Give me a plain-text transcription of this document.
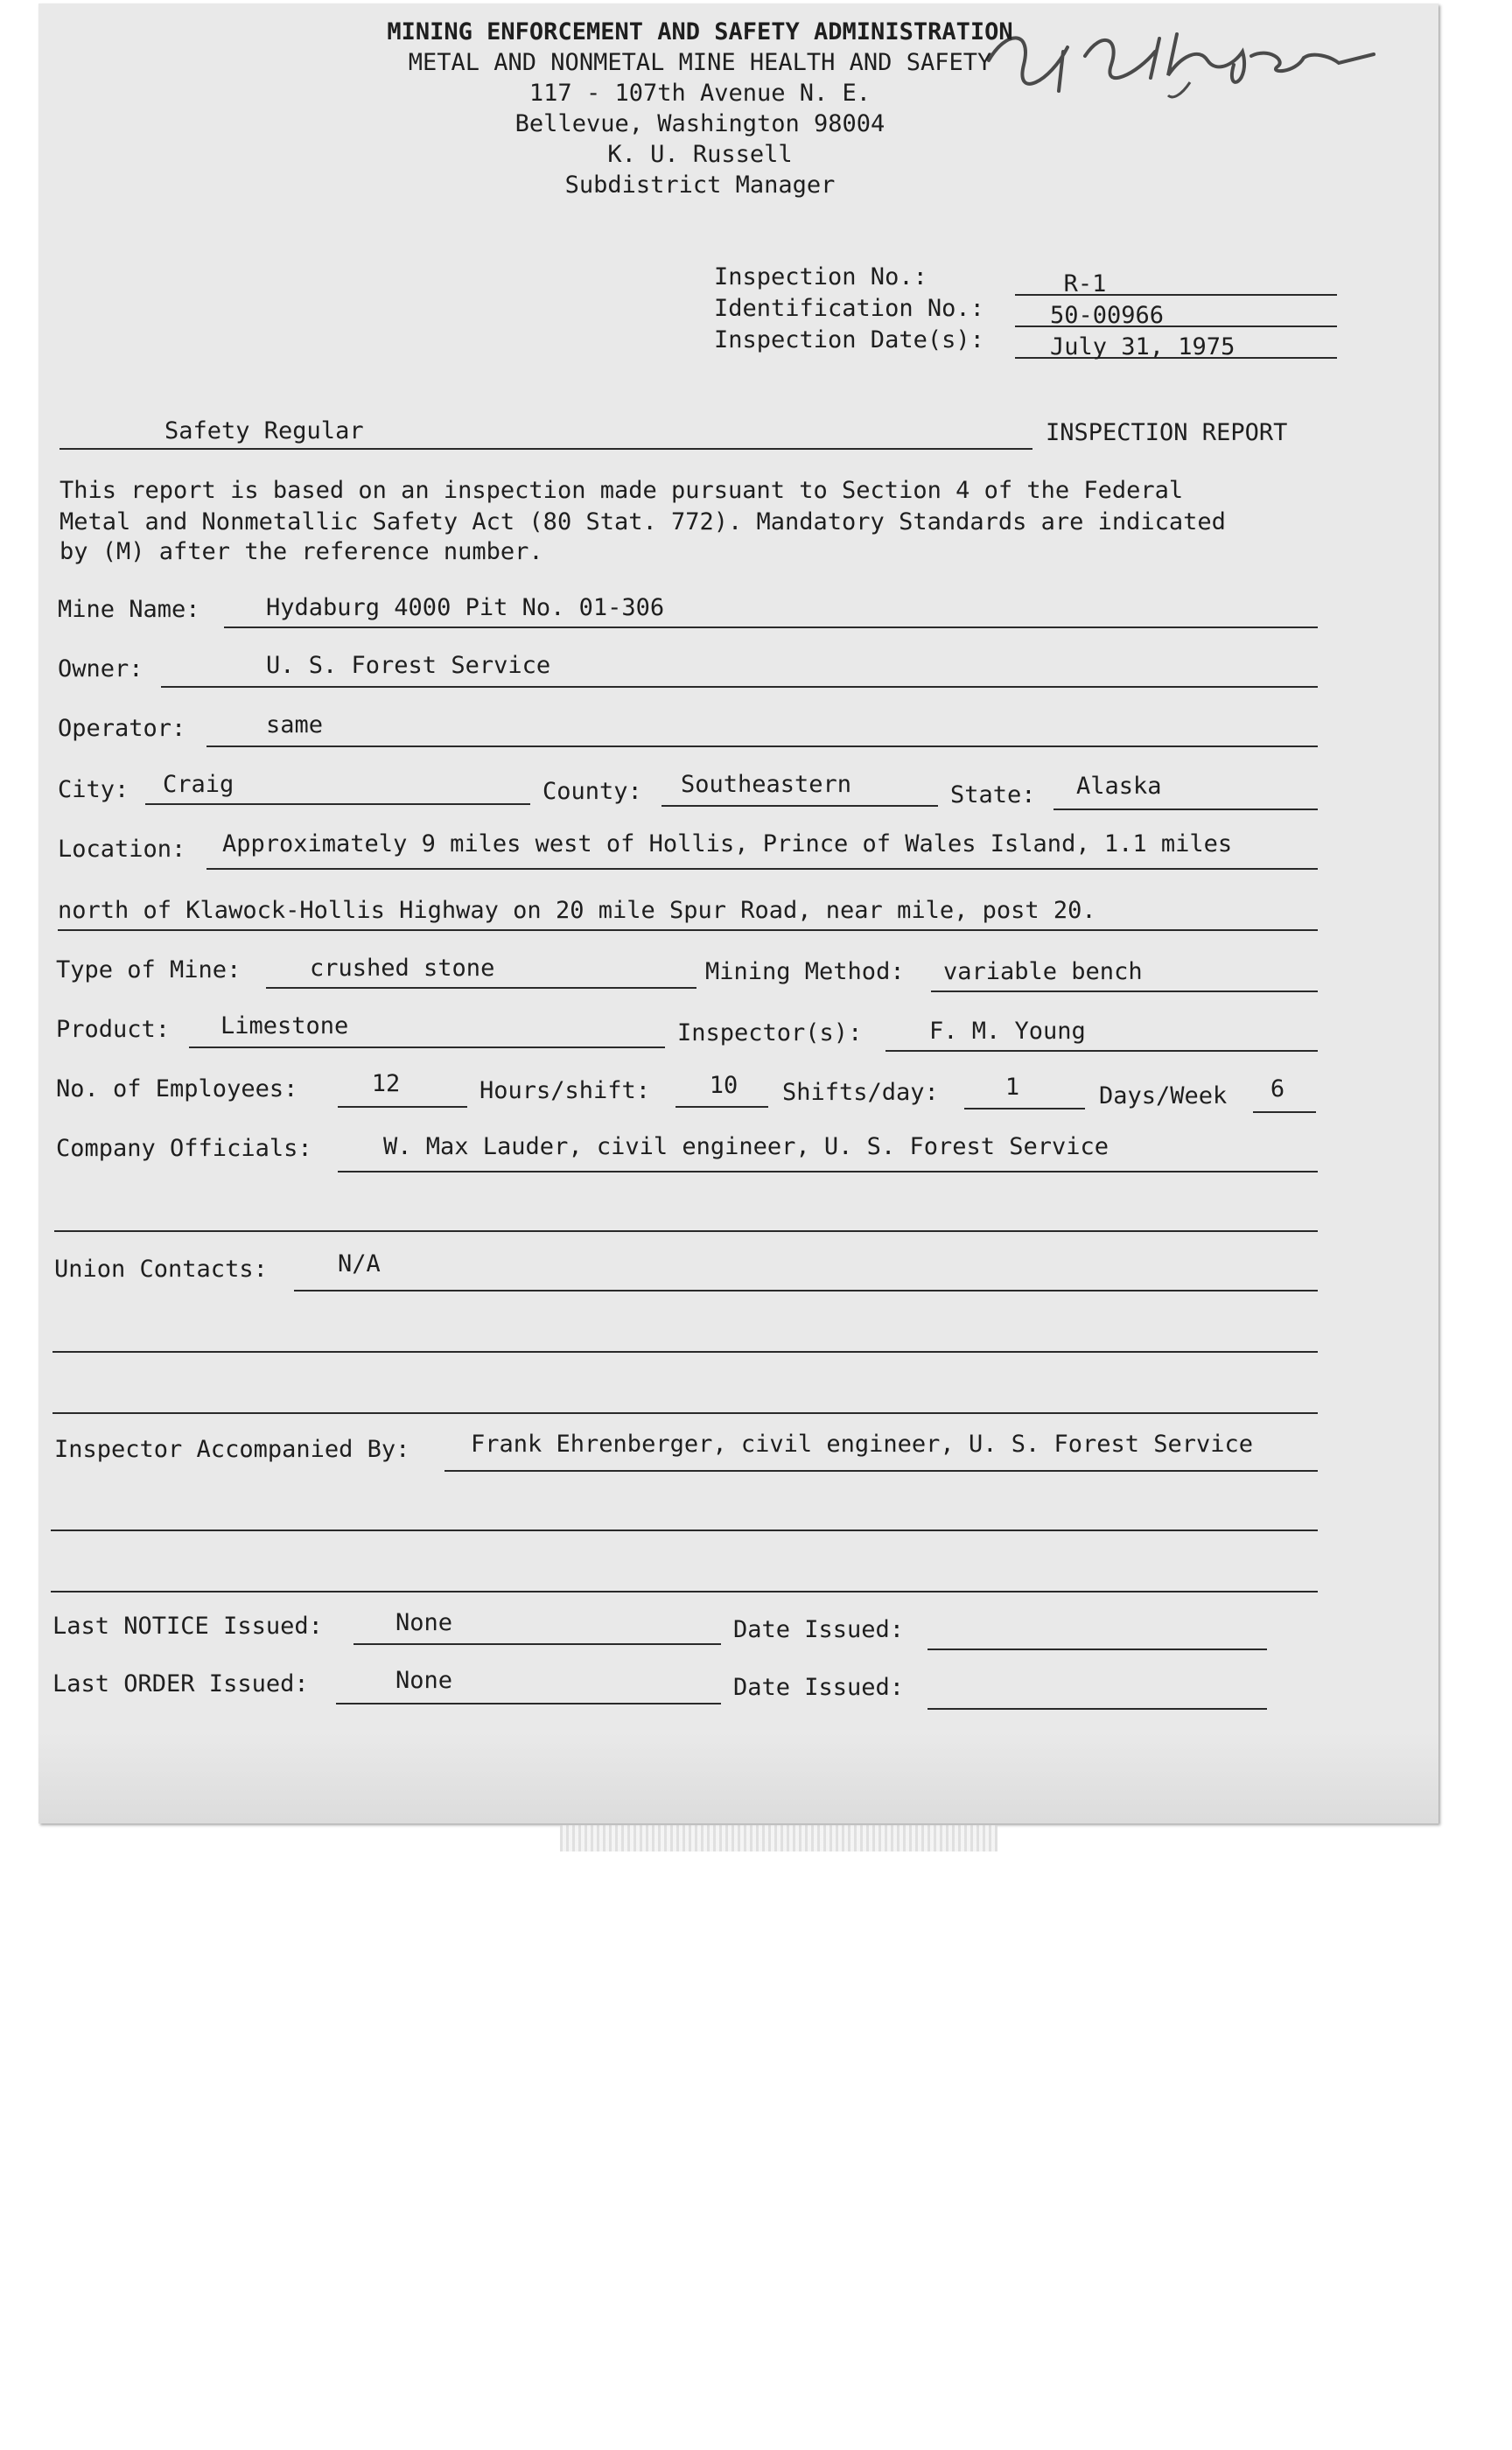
MINING ENFORCEMENT AND SAFETY ADMINISTRATION
METAL AND NONMETAL MINE HEALTH AND SAFETY
117 - 107th Avenue N. E.
Bellevue, Washington 98004
K. U. Russell
Subdistrict Manager
Inspection No.:	R-1
Identification No.:	50-00966
Inspection Date(s):	July 31, 1975
Safety Regular	INSPECTION REPORT
This report is based on an inspection made pursuant to Section 4 of the Federal
Metal and Nonmetallic Safety Act (80 Stat. 772). Mandatory Standards are indicated
by (M) after the reference number.
Mine Name:	Hydaburg 4000 Pit No. 01-306
Owner:	U. S. Forest Service
Operator:	same
City: Craig	County: Southeastern	State: Alaska
Location: Approximately 9 miles west of Hollis, Prince of Wales Island, 1.1 miles
north of Klawock-Hollis Highway on 20 mile Spur Road, near mile, post 20.
Type of Mine:	crushed stone	Mining Method: variable bench
Product: Limestone	Inspector(s):	F. M. Young
No. of Employees:	12	Hours/shift:	10	Shifts/day:	1	Days/Week	6
Company Officials:	W. Max Lauder, civil engineer, U. S. Forest Service
Union Contacts:	N/A
Inspector Accompanied By:	Frank Ehrenberger, civil engineer, U. S. Forest Service
Last NOTICE Issued:	None	Date Issued:
Last ORDER Issued:	None	Date Issued:
